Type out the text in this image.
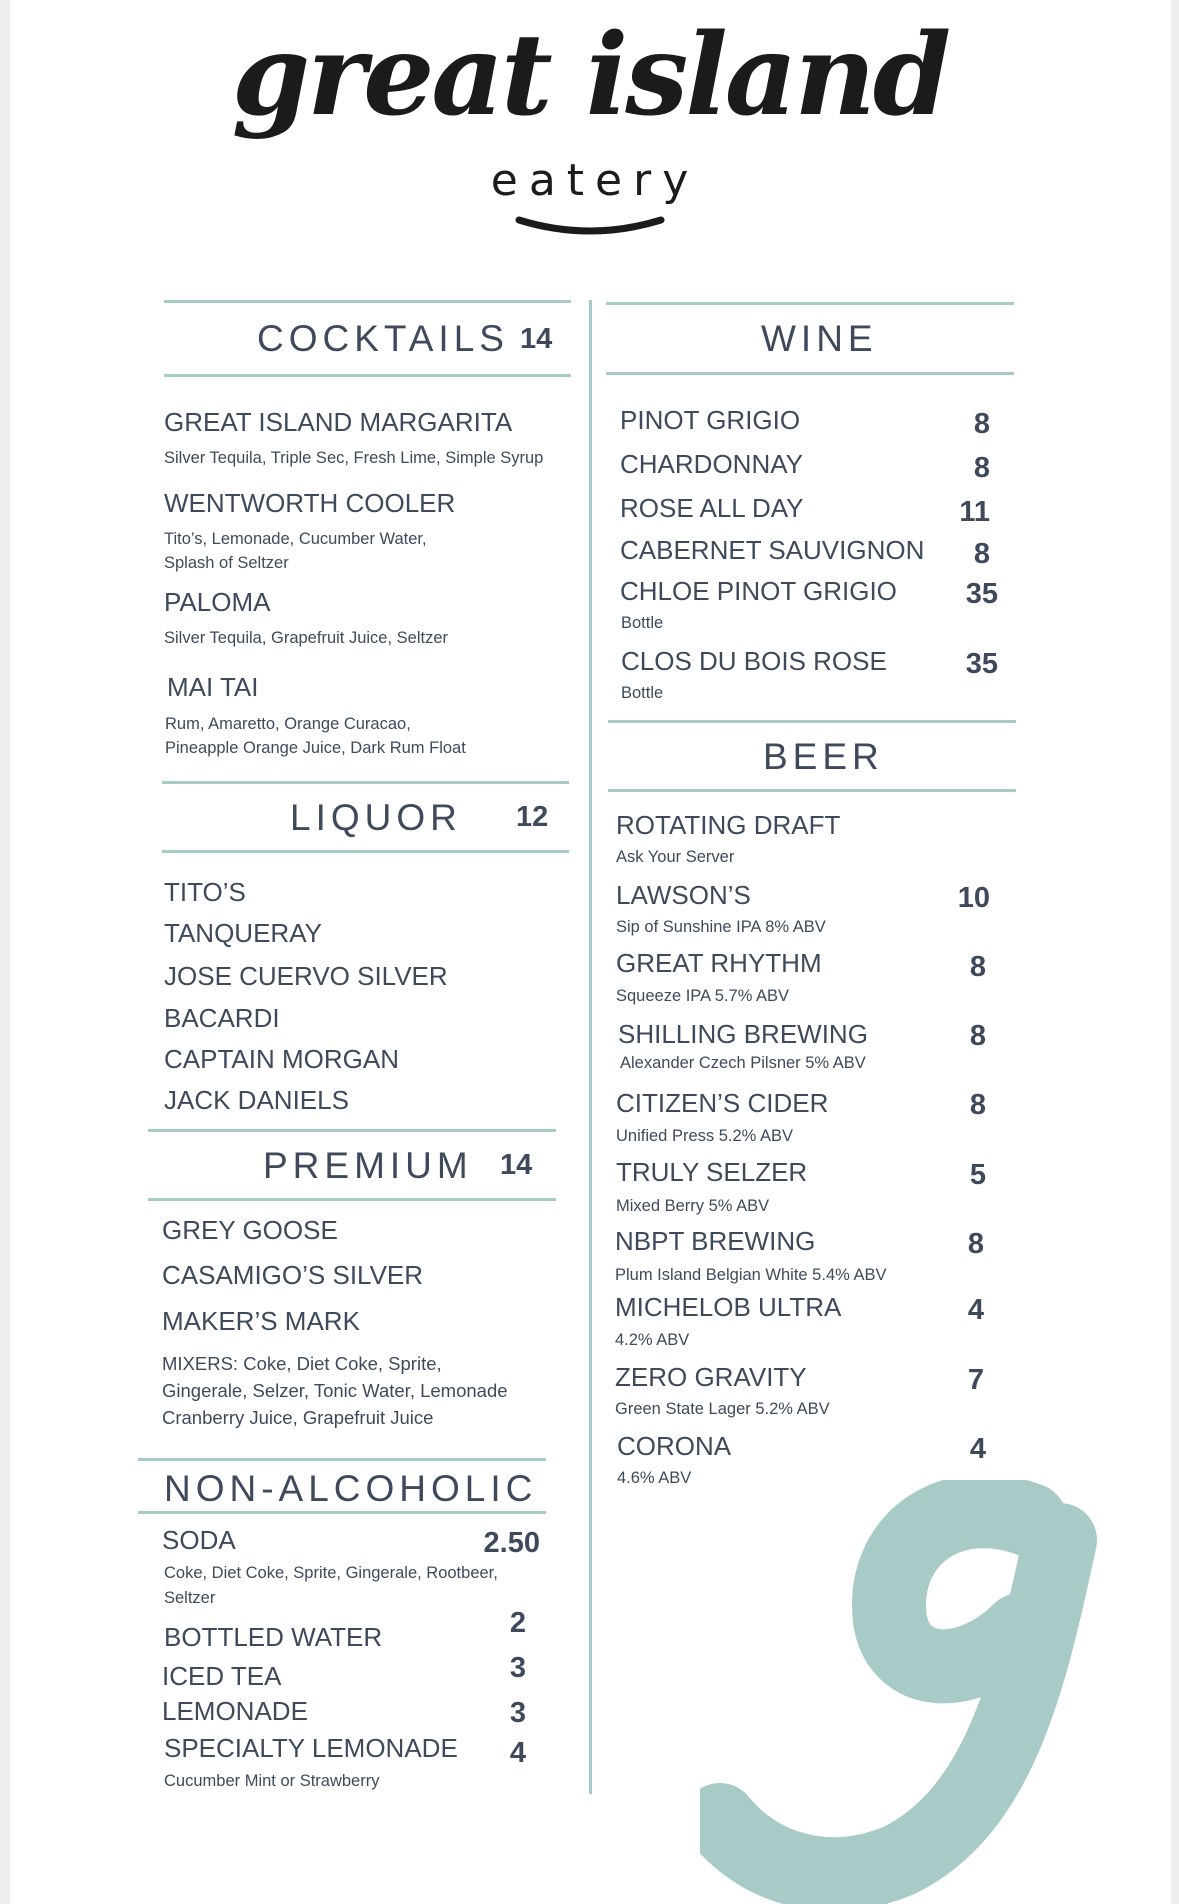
great island
eatery
COCKTAILS 14
GREAT ISLAND MARGARITA
Silver Tequila, Triple Sec, Fresh Lime, Simple Syrup
WENTWORTH COOLER
Tito’s, Lemonade, Cucumber Water,
Splash of Seltzer
PALOMA
Silver Tequila, Grapefruit Juice, Seltzer
MAI TAI
Rum, Amaretto, Orange Curacao,
Pineapple Orange Juice, Dark Rum Float
LIQUOR 12
TITO’S
TANQUERAY
JOSE CUERVO SILVER
BACARDI
CAPTAIN MORGAN
JACK DANIELS
PREMIUM 14
GREY GOOSE
CASAMIGO’S SILVER
MAKER’S MARK
MIXERS: Coke, Diet Coke, Sprite,
Gingerale, Selzer, Tonic Water, Lemonade
Cranberry Juice, Grapefruit Juice
NON-ALCOHOLIC
SODA	2.50
Coke, Diet Coke, Sprite, Gingerale, Rootbeer,
Seltzer
BOTTLED WATER	2
ICED TEA	3
LEMONADE	3
SPECIALTY LEMONADE	4
Cucumber Mint or Strawberry
WINE
PINOT GRIGIO	8
CHARDONNAY	8
ROSE ALL DAY	11
CABERNET SAUVIGNON	8
CHLOE PINOT GRIGIO	35
Bottle
CLOS DU BOIS ROSE	35
Bottle
BEER
ROTATING DRAFT
Ask Your Server
LAWSON’S	10
Sip of Sunshine IPA 8% ABV
GREAT RHYTHM	8
Squeeze IPA 5.7% ABV
SHILLING BREWING	8
Alexander Czech Pilsner 5% ABV
CITIZEN’S CIDER	8
Unified Press 5.2% ABV
TRULY SELZER	5
Mixed Berry 5% ABV
NBPT BREWING	8
Plum Island Belgian White 5.4% ABV
MICHELOB ULTRA	4
4.2% ABV
ZERO GRAVITY	7
Green State Lager 5.2% ABV
CORONA	4
4.6% ABV
